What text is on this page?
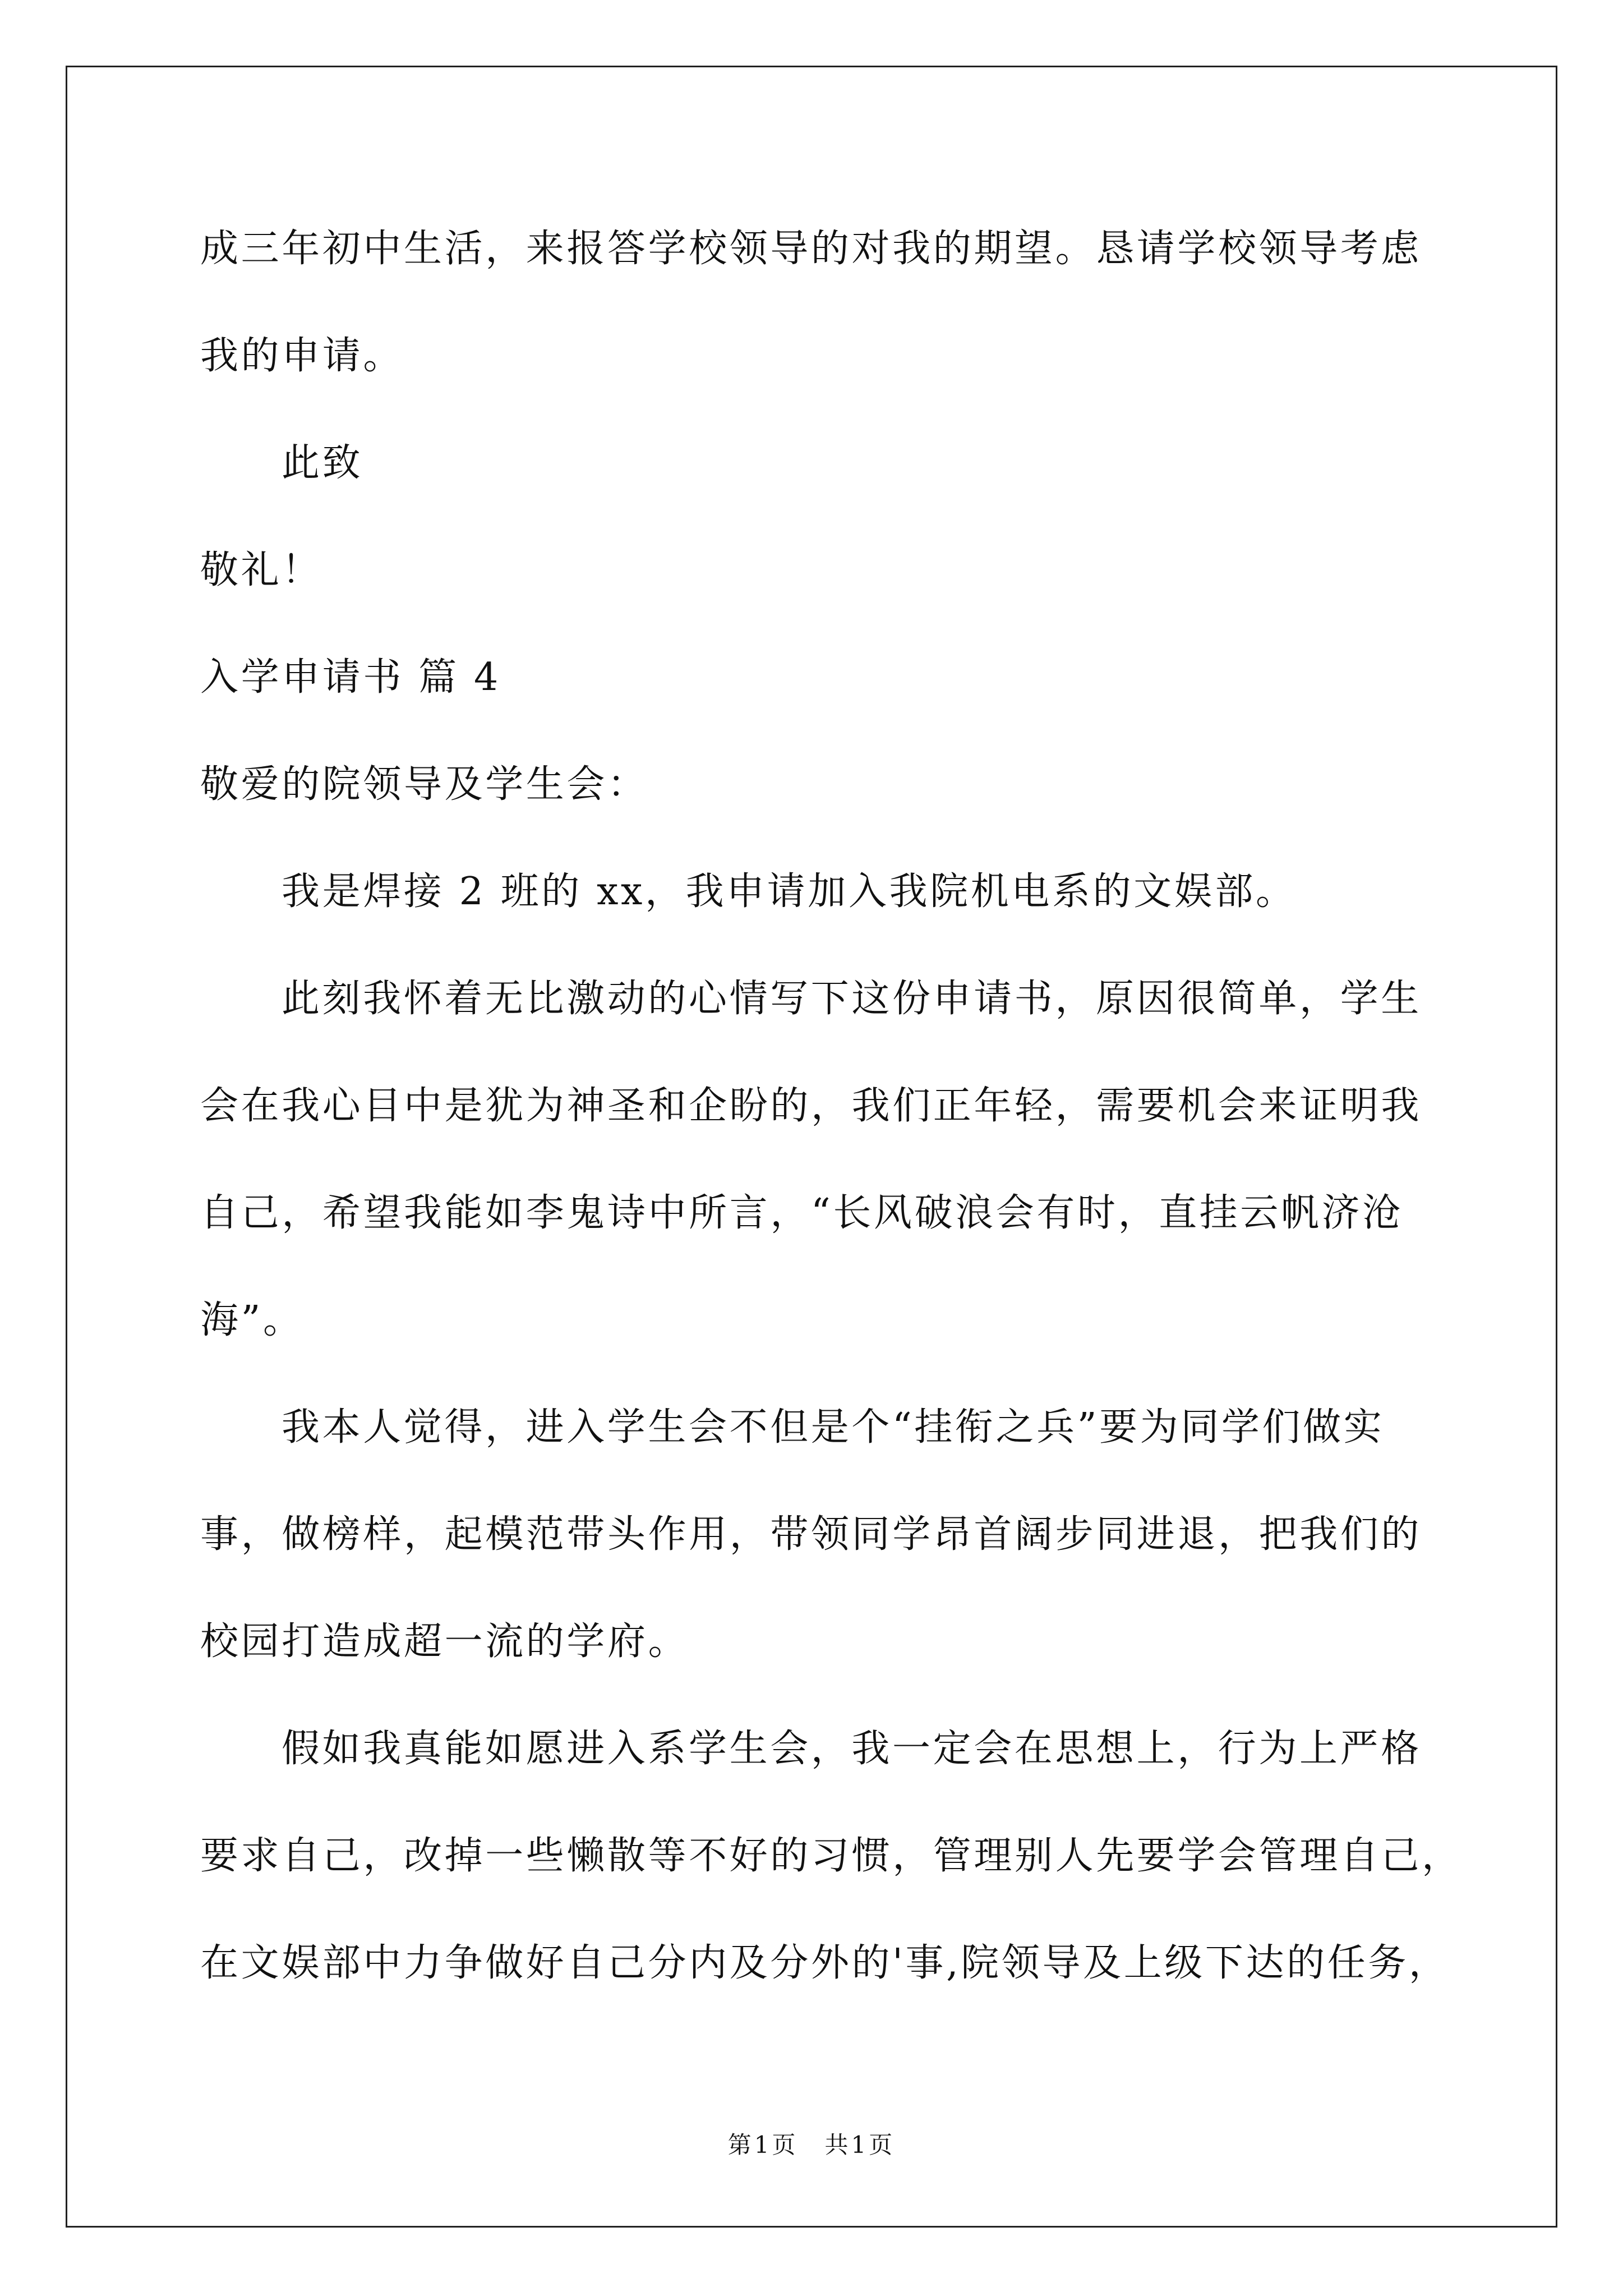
成三年初中生活，来报答学校领导的对我的期望。恳请学校领导考虑
我的申请。
此致
敬礼！
入学申请书 篇 4
敬爱的院领导及学生会：
我是焊接 2 班的 xx，我申请加入我院机电系的文娱部。
此刻我怀着无比激动的心情写下这份申请书，原因很简单，学生
会在我心目中是犹为神圣和企盼的，我们正年轻，需要机会来证明我
自己，希望我能如李鬼诗中所言，“长风破浪会有时，直挂云帆济沧
海”。
我本人觉得，进入学生会不但是个“挂衔之兵”要为同学们做实
事，做榜样，起模范带头作用，带领同学昂首阔步同进退，把我们的
校园打造成超一流的学府。
假如我真能如愿进入系学生会，我一定会在思想上，行为上严格
要求自己，改掉一些懒散等不好的习惯，管理别人先要学会管理自己，
在文娱部中力争做好自己分内及分外的'事,院领导及上级下达的任务，
第1页　共1页
